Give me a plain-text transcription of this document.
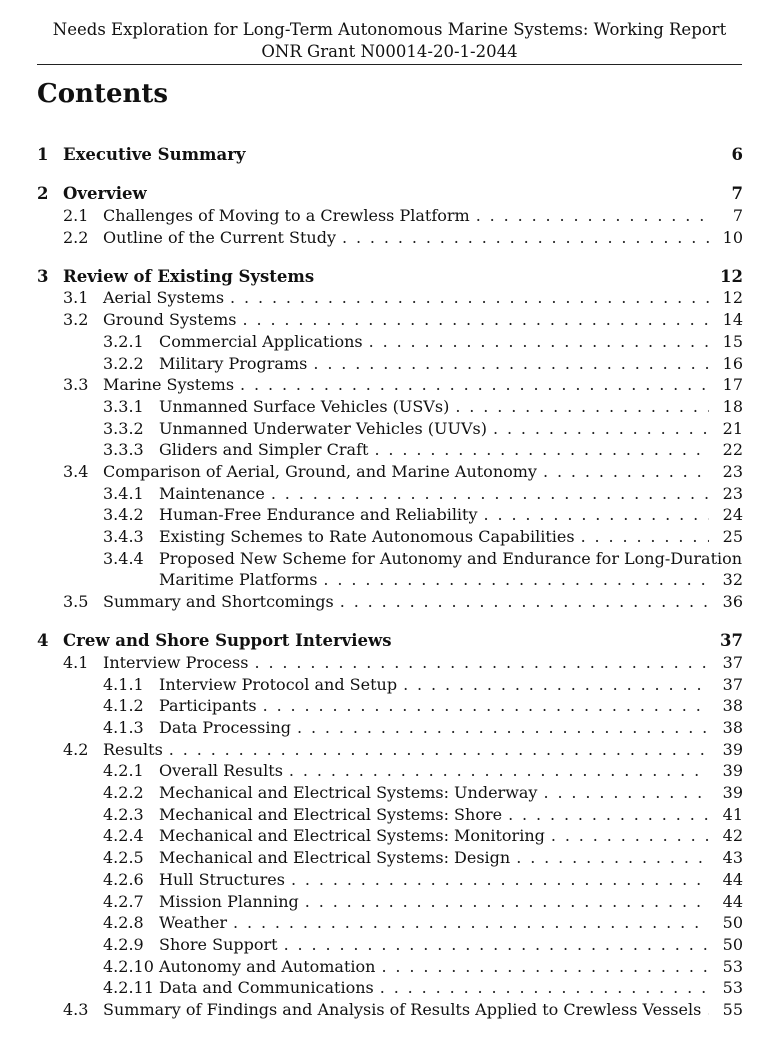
Needs Exploration for Long-Term Autonomous Marine Systems: Working Report
ONR Grant N00014-20-1-2044
Contents
1 Executive Summary	6
2 Overview	7
2.1 Challenges of Moving to a Crewless Platform . . .	7
2.2 Outline of the Current Study . . .	10
3 Review of Existing Systems	12
3.1 Aerial Systems . . .	12
3.2 Ground Systems . . .	14
3.2.1 Commercial Applications . . .	15
3.2.2 Military Programs . . .	16
3.3 Marine Systems . . .	17
3.3.1 Unmanned Surface Vehicles (USVs) . . .	18
3.3.2 Unmanned Underwater Vehicles (UUVs) . . .	21
3.3.3 Gliders and Simpler Craft . . .	22
3.4 Comparison of Aerial, Ground, and Marine Autonomy . . .	23
3.4.1 Maintenance . . .	23
3.4.2 Human-Free Endurance and Reliability . . .	24
3.4.3 Existing Schemes to Rate Autonomous Capabilities . . .	25
3.4.4 Proposed New Scheme for Autonomy and Endurance for Long-Duration
Maritime Platforms . . .	32
3.5 Summary and Shortcomings . . .	36
4 Crew and Shore Support Interviews	37
4.1 Interview Process . . .	37
4.1.1 Interview Protocol and Setup . . .	37
4.1.2 Participants . . .	38
4.1.3 Data Processing . . .	38
4.2 Results . . .	39
4.2.1 Overall Results . . .	39
4.2.2 Mechanical and Electrical Systems: Underway . . .	39
4.2.3 Mechanical and Electrical Systems: Shore . . .	41
4.2.4 Mechanical and Electrical Systems: Monitoring . . .	42
4.2.5 Mechanical and Electrical Systems: Design . . .	43
4.2.6 Hull Structures . . .	44
4.2.7 Mission Planning . . .	44
4.2.8 Weather . . .	50
4.2.9 Shore Support . . .	50
4.2.10 Autonomy and Automation . . .	53
4.2.11 Data and Communications . . .	53
4.3 Summary of Findings and Analysis of Results Applied to Crewless Vessels . . .	55
